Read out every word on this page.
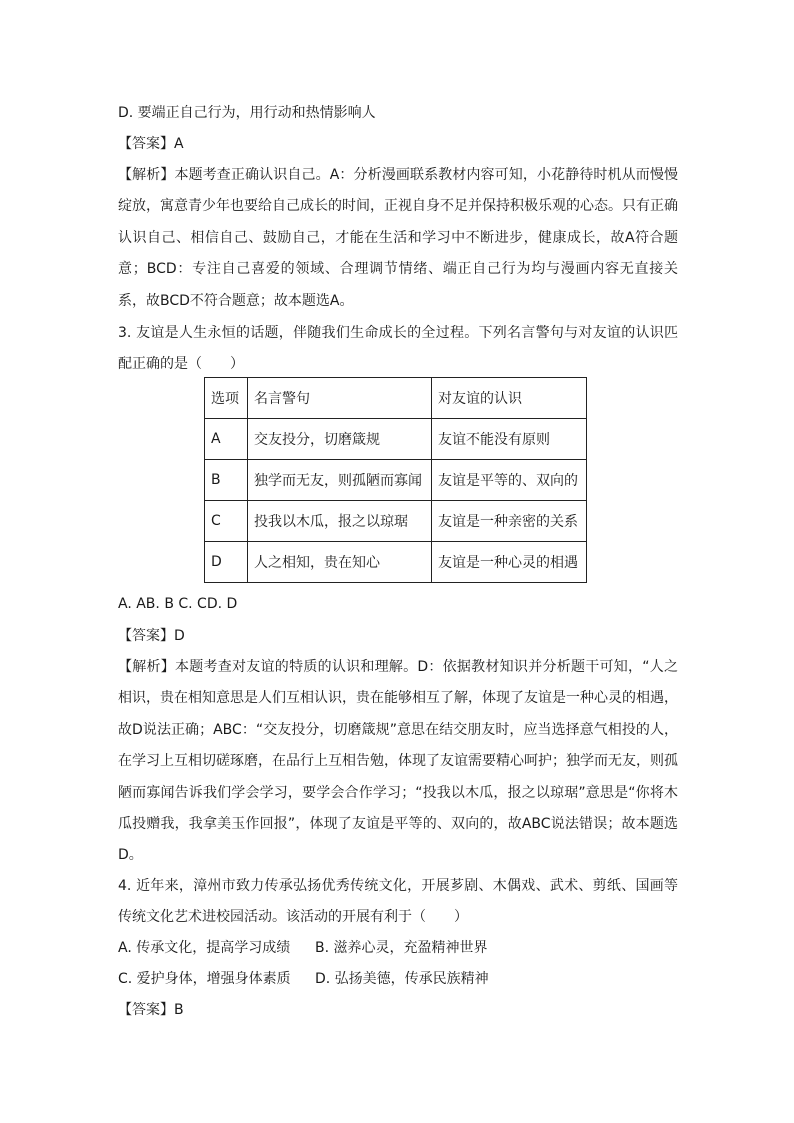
D. 要端正自己行为，用行动和热情影响人
【答案】A
【解析】本题考查正确认识自己。A：分析漫画联系教材内容可知，小花静待时机从而慢慢绽放，寓意青少年也要给自己成长的时间，正视自身不足并保持积极乐观的心态。只有正确认识自己、相信自己、鼓励自己，才能在生活和学习中不断进步，健康成长，故A符合题意；BCD：专注自己喜爱的领域、合理调节情绪、端正自己行为均与漫画内容无直接关系，故BCD不符合题意；故本题选A。
3. 友谊是人生永恒的话题，伴随我们生命成长的全过程。下列名言警句与对友谊的认识匹配正确的是（　　）
选项	名言警句	对友谊的认识
A	交友投分，切磨箴规	友谊不能没有原则
B	独学而无友，则孤陋而寡闻	友谊是平等的、双向的
C	投我以木瓜，报之以琼琚	友谊是一种亲密的关系
D	人之相知，贵在知心	友谊是一种心灵的相遇
A. AB. B C. CD. D
【答案】D
【解析】本题考查对友谊的特质的认识和理解。D：依据教材知识并分析题干可知，“人之相识，贵在相知意思是人们互相认识，贵在能够相互了解，体现了友谊是一种心灵的相遇，故D说法正确；ABC：“交友投分，切磨箴规”意思在结交朋友时，应当选择意气相投的人，在学习上互相切磋琢磨，在品行上互相告勉，体现了友谊需要精心呵护；独学而无友，则孤陋而寡闻告诉我们学会学习，要学会合作学习；“投我以木瓜，报之以琼琚”意思是“你将木瓜投赠我，我拿美玉作回报”，体现了友谊是平等的、双向的，故ABC说法错误；故本题选D。
4. 近年来，漳州市致力传承弘扬优秀传统文化，开展芗剧、木偶戏、武术、剪纸、国画等传统文化艺术进校园活动。该活动的开展有利于（　　）
A. 传承文化，提高学习成绩 B. 滋养心灵，充盈精神世界
C. 爱护身体，增强身体素质 D. 弘扬美德，传承民族精神
【答案】B
